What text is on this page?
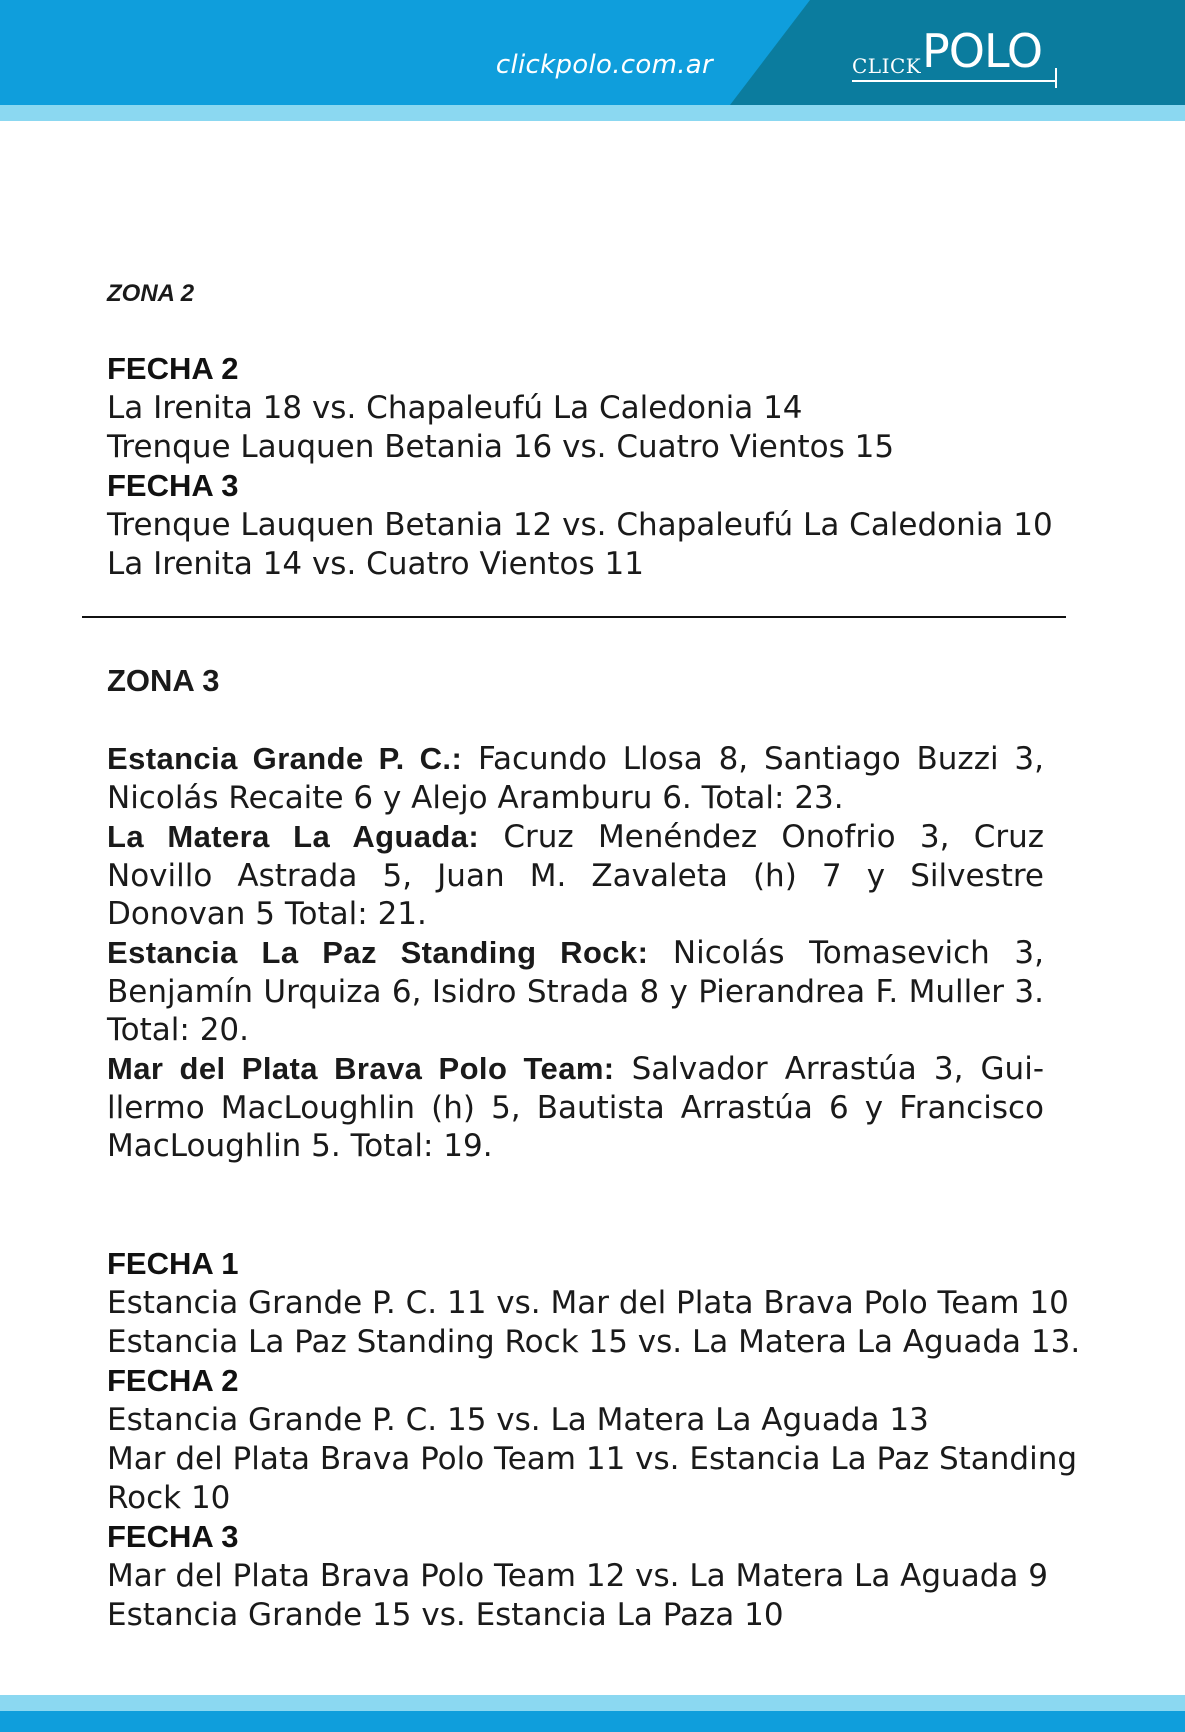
clickpolo.com.ar	CLICK POLO
ZONA 2
FECHA 2
La Irenita 18 vs. Chapaleufú La Caledonia 14
Trenque Lauquen Betania 16 vs. Cuatro Vientos 15
FECHA 3
Trenque Lauquen Betania 12 vs. Chapaleufú La Caledonia 10
La Irenita 14 vs. Cuatro Vientos 11
ZONA 3
Estancia Grande P. C.: Facundo Llosa 8, Santiago Buzzi 3, Nicolás Recaite 6 y Alejo Aramburu 6. Total: 23.
La Matera La Aguada: Cruz Menéndez Onofrio 3, Cruz Novillo Astrada 5, Juan M. Zavaleta (h) 7 y Silvestre Donovan 5 Total: 21.
Estancia La Paz Standing Rock: Nicolás Tomasevich 3, Benjamín Urquiza 6, Isidro Strada 8 y Pierandrea F. Muller 3. Total: 20.
Mar del Plata Brava Polo Team: Salvador Arrastúa 3, Guillermo MacLoughlin (h) 5, Bautista Arrastúa 6 y Francisco MacLoughlin 5. Total: 19.
FECHA 1
Estancia Grande P. C. 11 vs. Mar del Plata Brava Polo Team 10
Estancia La Paz Standing Rock 15 vs. La Matera La Aguada 13.
FECHA 2
Estancia Grande P. C. 15 vs. La Matera La Aguada 13
Mar del Plata Brava Polo Team 11 vs. Estancia La Paz Standing
Rock 10
FECHA 3
Mar del Plata Brava Polo Team 12 vs. La Matera La Aguada 9
Estancia Grande 15 vs. Estancia La Paza 10
